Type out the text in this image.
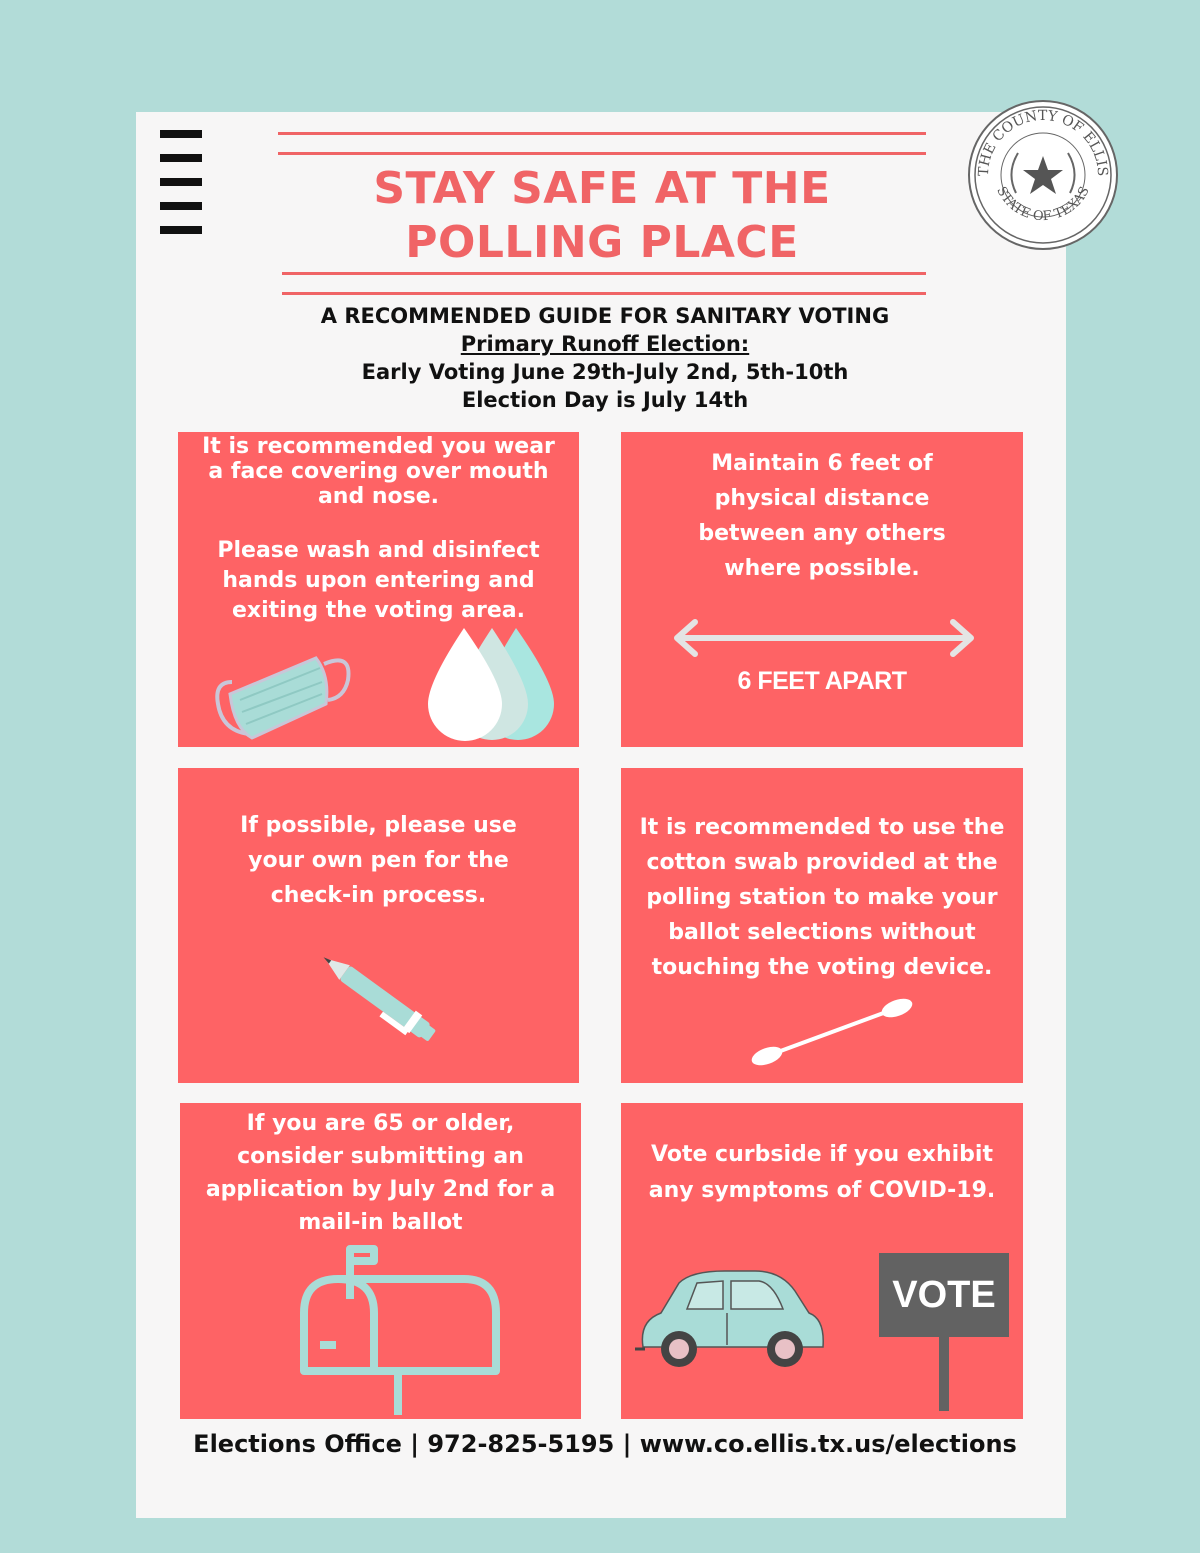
STAY SAFE AT THE
POLLING PLACE
THE COUNTY OF ELLIS
STATE OF TEXAS
A RECOMMENDED GUIDE FOR SANITARY VOTING
Primary Runoff Election:
Early Voting June 29th-July 2nd, 5th-10th
Election Day is July 14th
It is recommended you wear a face covering over mouth and nose.
Please wash and disinfect hands upon entering and exiting the voting area.
Maintain 6 feet of physical distance between any others where possible.
6 FEET APART
If possible, please use your own pen for the check-in process.
It is recommended to use the cotton swab provided at the polling station to make your ballot selections without touching the voting device.
If you are 65 or older, consider submitting an application by July 2nd for a mail-in ballot
Vote curbside if you exhibit any symptoms of COVID-19.
VOTE
Elections Office | 972-825-5195 | www.co.ellis.tx.us/elections
